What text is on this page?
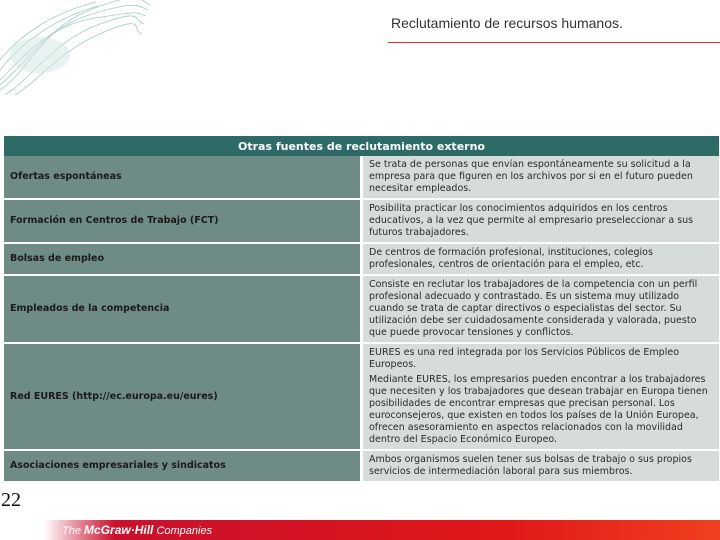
Reclutamiento de recursos humanos.
Otras fuentes de reclutamiento externo	
Ofertas espontáneas	Se trata de personas que envían espontáneamente su solicitud a la empresa para que figuren en los archivos por si en el futuro pueden necesitar empleados.

Formación en Centros de Trabajo (FCT)	Posibilita practicar los conocimientos adquiridos en los centros educativos, a la vez que permite al empresario preseleccionar a sus futuros trabajadores.

Bolsas de empleo	De centros de formación profesional, instituciones, colegios profesionales, centros de orientación para el empleo, etc.

Empleados de la competencia	Consiste en reclutar los trabajadores de la competencia con un perfil profesional adecuado y contrastado. Es un sistema muy utilizado cuando se trata de captar directivos o especialistas del sector. Su utilización debe ser cuidadosamente considerada y valorada, puesto que puede provocar tensiones y conflictos.

Red EURES (http://ec.europa.eu/eures)	EURES es una red integrada por los Servicios Públicos de Empleo Europeos.

Mediante EURES, los empresarios pueden encontrar a los trabajadores que necesiten y los trabajadores que desean trabajar en Europa tienen posibilidades de encontrar empresas que precisan personal. Los euroconsejeros, que existen en todos los países de la Unión Europea, ofrecen asesoramiento en aspectos relacionados con la movilidad dentro del Espacio Económico Europeo.

Asociaciones empresariales y sindicatos	Ambos organismos suelen tener sus bolsas de trabajo o sus propios servicios de intermediación laboral para sus miembros.

22
The McGraw·Hill Companies
